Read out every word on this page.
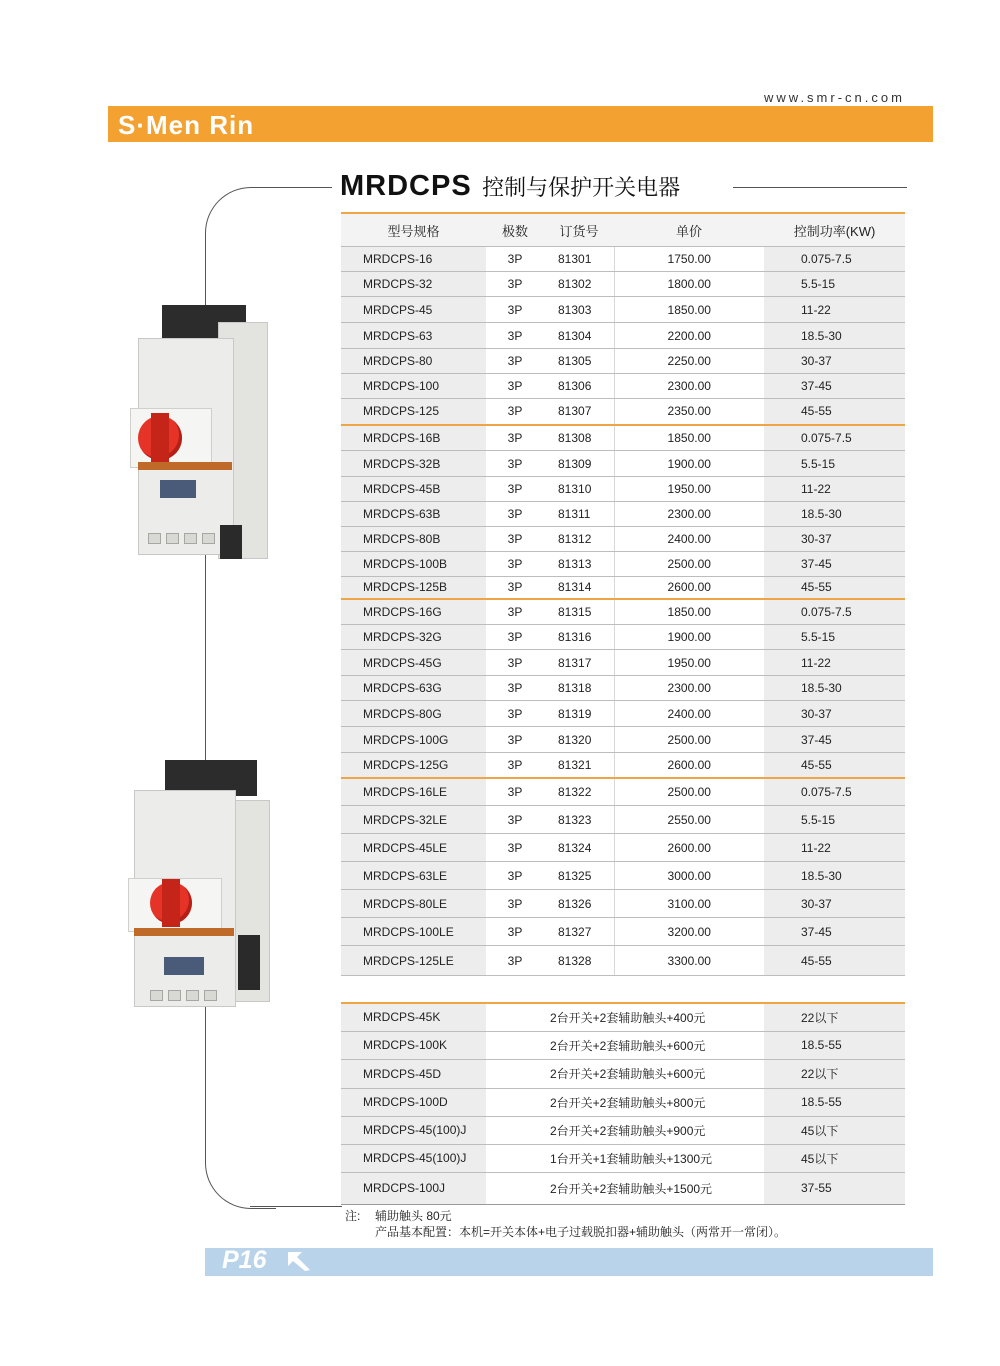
www.smr-cn.com
S·Men Rin
MRDCPS 控制与保护开关电器
型号规格	极数	订货号	单价	控制功率(KW)
MRDCPS-16	3P	81301	1750.00	0.075-7.5
MRDCPS-32	3P	81302	1800.00	5.5-15
MRDCPS-45	3P	81303	1850.00	11-22
MRDCPS-63	3P	81304	2200.00	18.5-30
MRDCPS-80	3P	81305	2250.00	30-37
MRDCPS-100	3P	81306	2300.00	37-45
MRDCPS-125	3P	81307	2350.00	45-55
MRDCPS-16B	3P	81308	1850.00	0.075-7.5
MRDCPS-32B	3P	81309	1900.00	5.5-15
MRDCPS-45B	3P	81310	1950.00	11-22
MRDCPS-63B	3P	81311	2300.00	18.5-30
MRDCPS-80B	3P	81312	2400.00	30-37
MRDCPS-100B	3P	81313	2500.00	37-45
MRDCPS-125B	3P	81314	2600.00	45-55
MRDCPS-16G	3P	81315	1850.00	0.075-7.5
MRDCPS-32G	3P	81316	1900.00	5.5-15
MRDCPS-45G	3P	81317	1950.00	11-22
MRDCPS-63G	3P	81318	2300.00	18.5-30
MRDCPS-80G	3P	81319	2400.00	30-37
MRDCPS-100G	3P	81320	2500.00	37-45
MRDCPS-125G	3P	81321	2600.00	45-55
MRDCPS-16LE	3P	81322	2500.00	0.075-7.5
MRDCPS-32LE	3P	81323	2550.00	5.5-15
MRDCPS-45LE	3P	81324	2600.00	11-22
MRDCPS-63LE	3P	81325	3000.00	18.5-30
MRDCPS-80LE	3P	81326	3100.00	30-37
MRDCPS-100LE	3P	81327	3200.00	37-45
MRDCPS-125LE	3P	81328	3300.00	45-55

MRDCPS-45K	2台开关+2套辅助触头+400元			22以下
MRDCPS-100K	2台开关+2套辅助触头+600元			18.5-55
MRDCPS-45D	2台开关+2套辅助触头+600元			22以下
MRDCPS-100D	2台开关+2套辅助触头+800元			18.5-55
MRDCPS-45(100)J	2台开关+2套辅助触头+900元			45以下
MRDCPS-45(100)J	1台开关+1套辅助触头+1300元			45以下
MRDCPS-100J	2台开关+2套辅助触头+1500元			37-55
注: 辅助触头 80元
产品基本配置：本机=开关本体+电子过载脱扣器+辅助触头（两常开一常闭）。
P16
